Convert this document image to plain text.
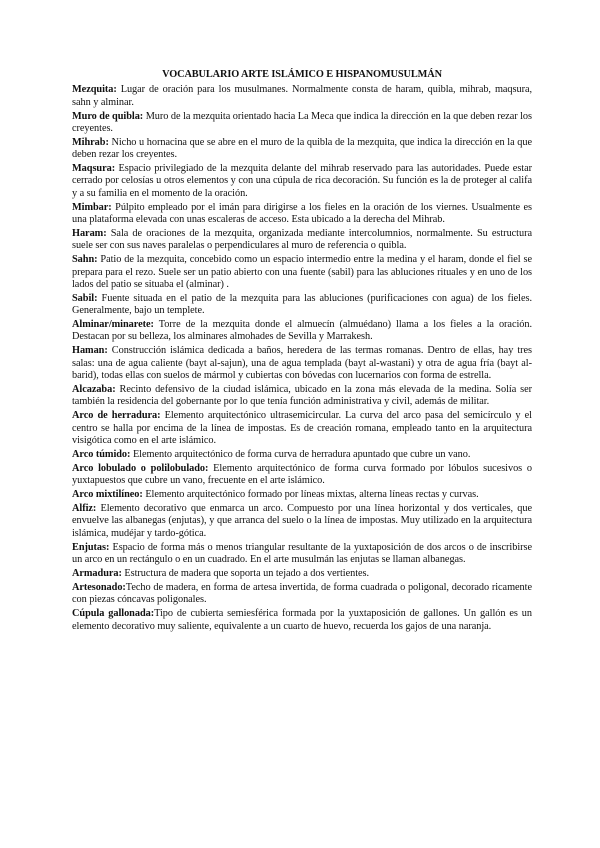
VOCABULARIO ARTE ISLÁMICO E HISPANOMUSULMÁN

Mezquita: Lugar de oración para los musulmanes. Normalmente consta de haram, quibla, mihrab, maqsura, sahn y alminar.

Muro de quibla: Muro de la mezquita orientado hacia La Meca que indica la dirección en la que deben rezar los creyentes.

Mihrab: Nicho u hornacina que se abre en el muro de la quibla de la mezquita, que indica la dirección en la que deben rezar los creyentes.

Maqsura: Espacio privilegiado de la mezquita delante del mihrab reservado para las autoridades. Puede estar cerrado por celosías u otros elementos y con una cúpula de rica decoración. Su función es la de proteger al califa y a su familia en el momento de la oración.

Mimbar: Púlpito empleado por el imán para dirigirse a los fieles en la oración de los viernes. Usualmente es una plataforma elevada con unas escaleras de acceso. Esta ubicado a la derecha del Mihrab.

Haram: Sala de oraciones de la mezquita, organizada mediante intercolumnios, normalmente. Su estructura suele ser con sus naves paralelas o perpendiculares al muro de referencia o quibla.

Sahn: Patio de la mezquita, concebido como un espacio intermedio entre la medina y el haram, donde el fiel se prepara para el rezo. Suele ser un patio abierto con una fuente (sabil) para las abluciones rituales y en uno de los lados del patio se situaba el (alminar) .

Sabil: Fuente situada en el patio de la mezquita para las abluciones (purificaciones con agua) de los fieles. Generalmente, bajo un templete.

Alminar/minarete: Torre de la mezquita donde el almuecín (almuédano) llama a los fieles a la oración. Destacan por su belleza, los alminares almohades de Sevilla y Marrakesh.

Haman: Construcción islámica dedicada a baños, heredera de las termas romanas. Dentro de ellas, hay tres salas: una de agua caliente (bayt al-sajun), una de agua templada (bayt al-wastani) y otra de agua fría (bayt al-barid), todas ellas con suelos de mármol y cubiertas con bóvedas con lucernarios con forma de estrella.

Alcazaba: Recinto defensivo de la ciudad islámica, ubicado en la zona más elevada de la medina. Solía ser también la residencia del gobernante por lo que tenía función administrativa y civil, además de militar.

Arco de herradura: Elemento arquitectónico ultrasemicircular. La curva del arco pasa del semicírculo y el centro se halla por encima de la línea de impostas. Es de creación romana, empleado tanto en la arquitectura visigótica como en el arte islámico.

Arco túmido: Elemento arquitectónico de forma curva de herradura apuntado que cubre un vano.

Arco lobulado o polilobulado: Elemento arquitectónico de forma curva formado por lóbulos sucesivos o yuxtapuestos que cubre un vano, frecuente en el arte islámico.

Arco mixtilíneo: Elemento arquitectónico formado por líneas mixtas, alterna líneas rectas y curvas.

Alfiz: Elemento decorativo que enmarca un arco. Compuesto por una línea horizontal y dos verticales, que envuelve las albanegas (enjutas), y que arranca del suelo o la línea de impostas. Muy utilizado en la arquitectura islámica, mudéjar y tardo-gótica.

Enjutas: Espacio de forma más o menos triangular resultante de la yuxtaposición de dos arcos o de inscribirse un arco en un rectángulo o en un cuadrado. En el arte musulmán las enjutas se llaman albanegas.

Armadura: Estructura de madera que soporta un tejado a dos vertientes.

Artesonado:Techo de madera, en forma de artesa invertida, de forma cuadrada o poligonal, decorado ricamente con piezas cóncavas poligonales.

Cúpula gallonada:Tipo de cubierta semiesférica formada por la yuxtaposición de gallones. Un gallón es un elemento decorativo muy saliente, equivalente a un cuarto de huevo, recuerda los gajos de una naranja.
